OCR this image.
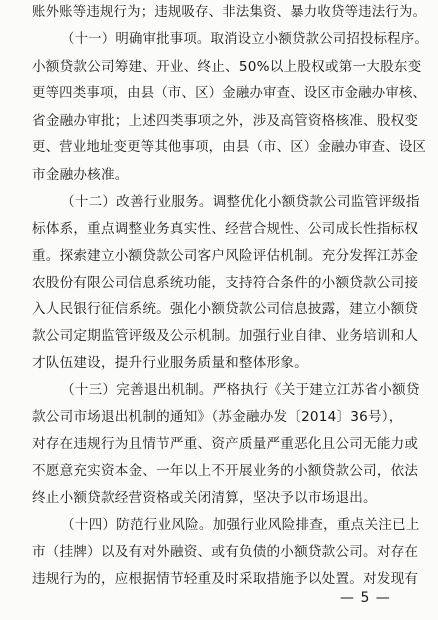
账外账等违规行为；违规吸存、非法集资、暴力收贷等违法行为。
（十一）明确审批事项。取消设立小额贷款公司招投标程序。
小额贷款公司筹建、开业、终止、50%以上股权或第一大股东变
更等四类事项，由县（市、区）金融办审查、设区市金融办审核、
省金融办审批；上述四类事项之外，涉及高管资格核准、股权变
更、营业地址变更等其他事项，由县（市、区）金融办审查、设区
市金融办核准。
（十二）改善行业服务。调整优化小额贷款公司监管评级指
标体系，重点调整业务真实性、经营合规性、公司成长性指标权
重。探索建立小额贷款公司客户风险评估机制。充分发挥江苏金
农股份有限公司信息系统功能，支持符合条件的小额贷款公司接
入人民银行征信系统。强化小额贷款公司信息披露，建立小额贷
款公司定期监管评级及公示机制。加强行业自律、业务培训和人
才队伍建设，提升行业服务质量和整体形象。
（十三）完善退出机制。严格执行《关于建立江苏省小额贷
款公司市场退出机制的通知》（苏金融办发〔2014〕36号），
对存在违规行为且情节严重、资产质量严重恶化且公司无能力或
不愿意充实资本金、一年以上不开展业务的小额贷款公司，依法
终止小额贷款经营资格或关闭清算，坚决予以市场退出。
（十四）防范行业风险。加强行业风险排查，重点关注已上
市（挂牌）以及有对外融资、或有负债的小额贷款公司。对存在
违规行为的，应根据情节轻重及时采取措施予以处置。对发现有
— 5 —
